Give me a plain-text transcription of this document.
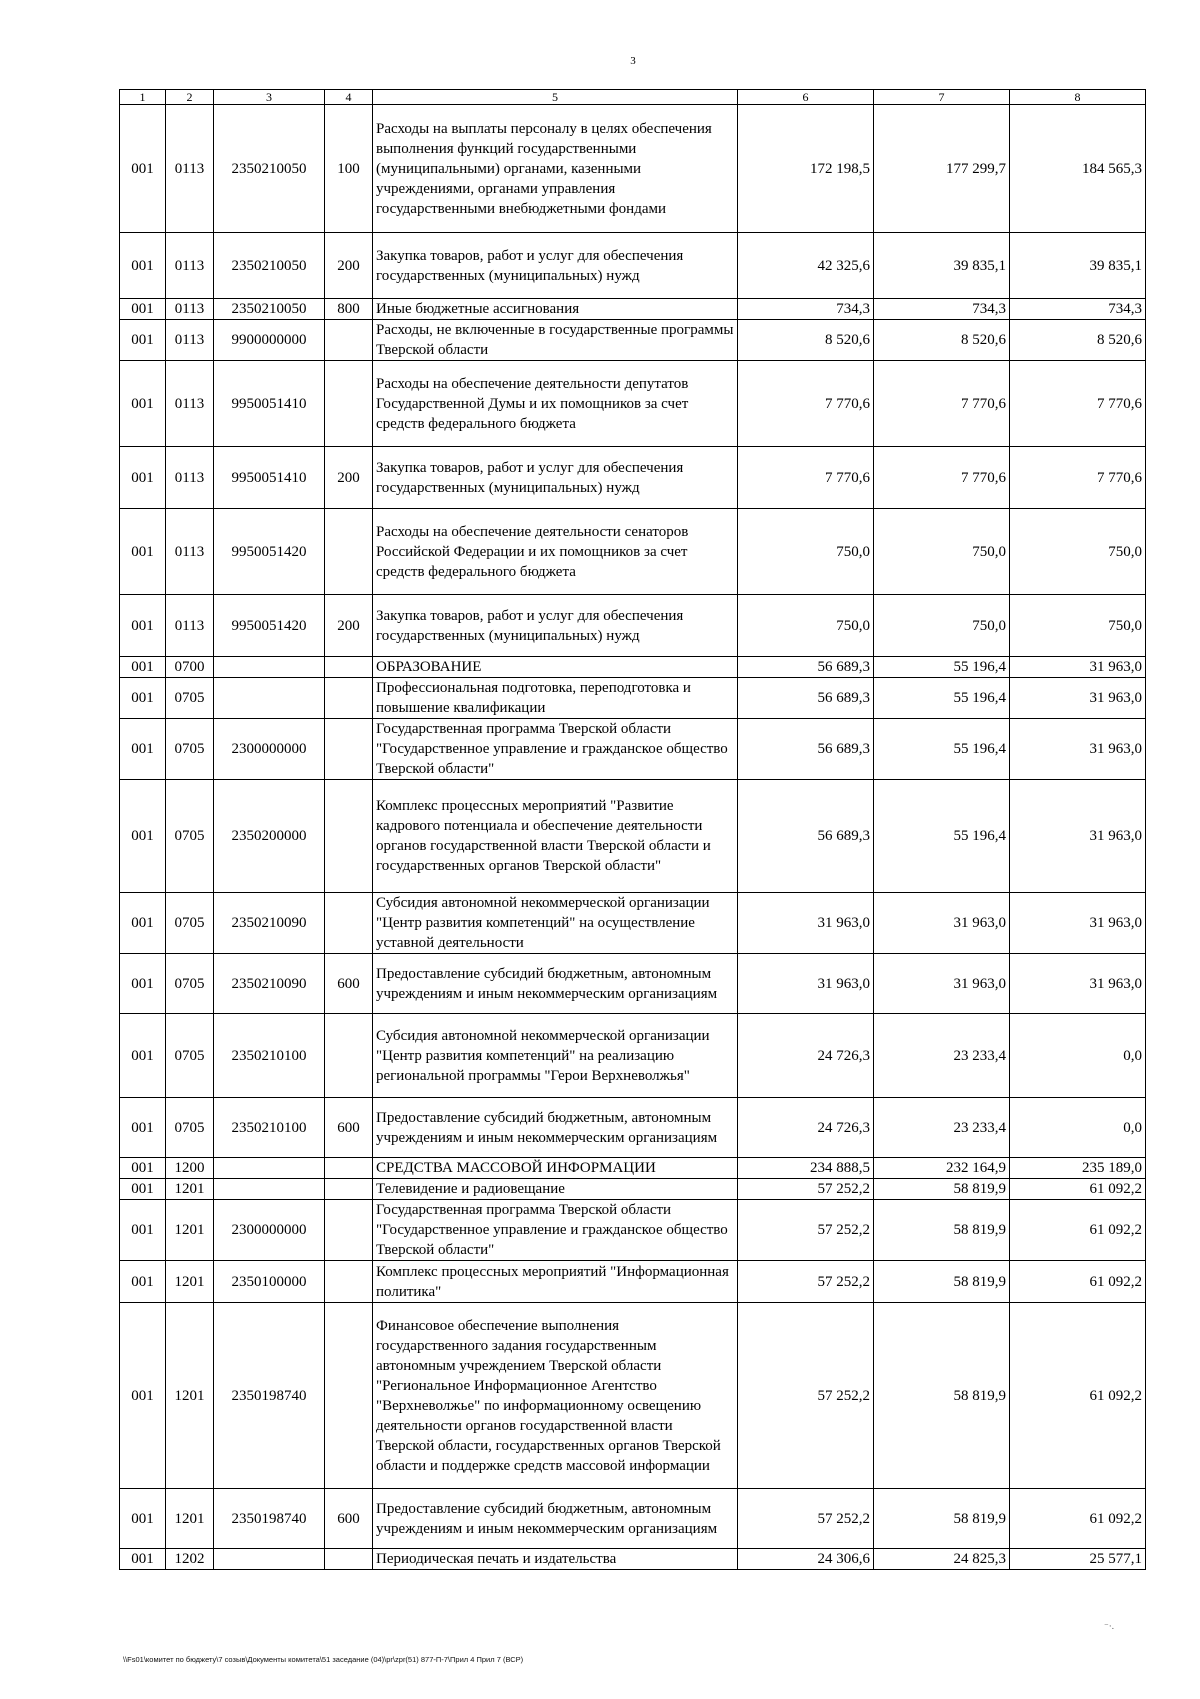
3
1	2	3	4	5	6	7	8
001	0113	2350210050	100	Расходы на выплаты персоналу в целях обеспечения выполнения функций государственными (муниципальными) органами, казенными учреждениями, органами управления государственными внебюджетными фондами	172 198,5	177 299,7	184 565,3
001	0113	2350210050	200	Закупка товаров, работ и услуг для обеспечения государственных (муниципальных) нужд	42 325,6	39 835,1	39 835,1
001	0113	2350210050	800	Иные бюджетные ассигнования	734,3	734,3	734,3
001	0113	9900000000		Расходы, не включенные в государственные программы Тверской области	8 520,6	8 520,6	8 520,6
001	0113	9950051410		Расходы на обеспечение деятельности депутатов Государственной Думы и их помощников за счет средств федерального бюджета	7 770,6	7 770,6	7 770,6
001	0113	9950051410	200	Закупка товаров, работ и услуг для обеспечения государственных (муниципальных) нужд	7 770,6	7 770,6	7 770,6
001	0113	9950051420		Расходы на обеспечение деятельности сенаторов Российской Федерации и их помощников за счет средств федерального бюджета	750,0	750,0	750,0
001	0113	9950051420	200	Закупка товаров, работ и услуг для обеспечения государственных (муниципальных) нужд	750,0	750,0	750,0
001	0700			ОБРАЗОВАНИЕ	56 689,3	55 196,4	31 963,0
001	0705			Профессиональная подготовка, переподготовка и повышение квалификации	56 689,3	55 196,4	31 963,0
001	0705	2300000000		Государственная программа Тверской области "Государственное управление и гражданское общество Тверской области"	56 689,3	55 196,4	31 963,0
001	0705	2350200000		Комплекс процессных мероприятий "Развитие кадрового потенциала и обеспечение деятельности органов государственной власти Тверской области и государственных органов Тверской области"	56 689,3	55 196,4	31 963,0
001	0705	2350210090		Субсидия автономной некоммерческой организации "Центр развития компетенций" на осуществление уставной деятельности	31 963,0	31 963,0	31 963,0
001	0705	2350210090	600	Предоставление субсидий бюджетным, автономным учреждениям и иным некоммерческим организациям	31 963,0	31 963,0	31 963,0
001	0705	2350210100		Субсидия автономной некоммерческой организации "Центр развития компетенций" на реализацию региональной программы "Герои Верхневолжья"	24 726,3	23 233,4	0,0
001	0705	2350210100	600	Предоставление субсидий бюджетным, автономным учреждениям и иным некоммерческим организациям	24 726,3	23 233,4	0,0
001	1200			СРЕДСТВА МАССОВОЙ ИНФОРМАЦИИ	234 888,5	232 164,9	235 189,0
001	1201			Телевидение и радиовещание	57 252,2	58 819,9	61 092,2
001	1201	2300000000		Государственная программа Тверской области "Государственное управление и гражданское общество Тверской области"	57 252,2	58 819,9	61 092,2
001	1201	2350100000		Комплекс процессных мероприятий "Информационная политика"	57 252,2	58 819,9	61 092,2
001	1201	2350198740		Финансовое обеспечение выполнения государственного задания государственным автономным учреждением Тверской области "Региональное Информационное Агентство "Верхневолжье" по информационному освещению деятельности органов государственной власти Тверской области, государственных органов Тверской области и поддержке средств массовой информации	57 252,2	58 819,9	61 092,2
001	1201	2350198740	600	Предоставление субсидий бюджетным, автономным учреждениям и иным некоммерческим организациям	57 252,2	58 819,9	61 092,2
001	1202			Периодическая печать и издательства	24 306,6	24 825,3	25 577,1
\\Fs01\комитет по бюджету\7 созыв\Документы комитета\51 заседание (04)\pr\zpr(51) 877-П-7\Прил 4 Прил 7 (ВСР)
⁻·.
